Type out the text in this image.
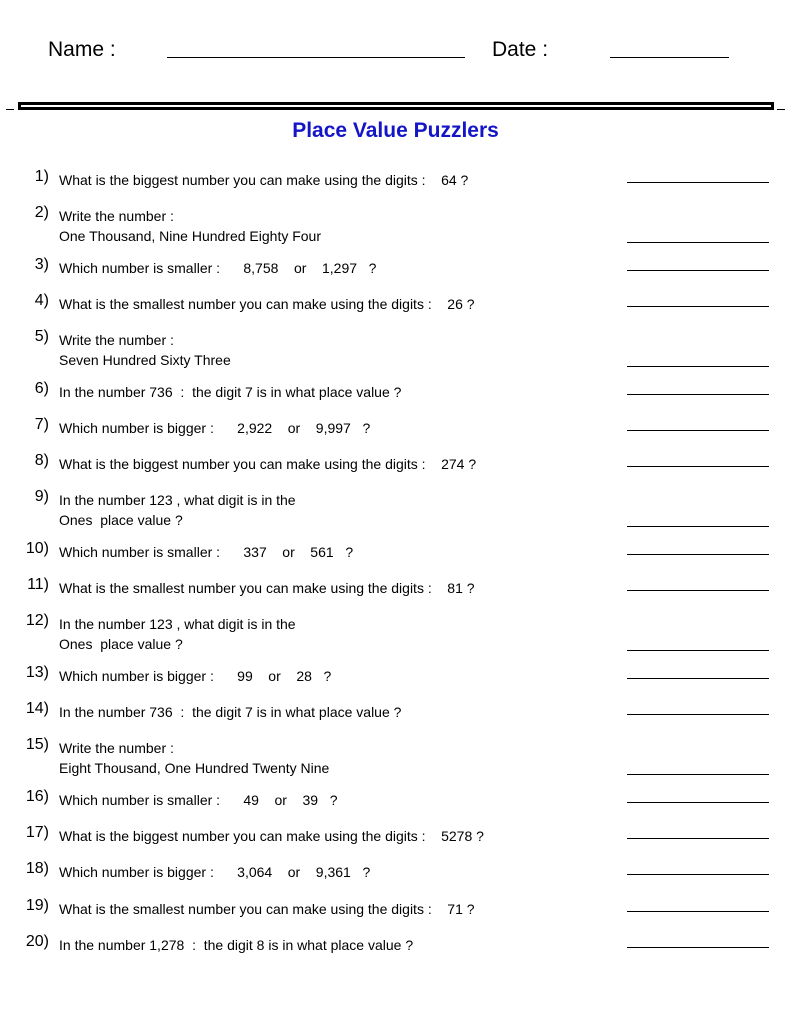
Name :	Date :
Place Value Puzzlers
1) What is the biggest number you can make using the digits :    64 ?
2) Write the number :
One Thousand, Nine Hundred Eighty Four
3) Which number is smaller :      8,758    or    1,297   ?
4) What is the smallest number you can make using the digits :    26 ?
5) Write the number :
Seven Hundred Sixty Three
6) In the number 736  :  the digit 7 is in what place value ?
7) Which number is bigger :      2,922    or    9,997   ?
8) What is the biggest number you can make using the digits :    274 ?
9) In the number 123 , what digit is in the
Ones  place value ?
10) Which number is smaller :      337    or    561   ?
11) What is the smallest number you can make using the digits :    81 ?
12) In the number 123 , what digit is in the
Ones  place value ?
13) Which number is bigger :      99    or    28   ?
14) In the number 736  :  the digit 7 is in what place value ?
15) Write the number :
Eight Thousand, One Hundred Twenty Nine
16) Which number is smaller :      49    or    39   ?
17) What is the biggest number you can make using the digits :    5278 ?
18) Which number is bigger :      3,064    or    9,361   ?
19) What is the smallest number you can make using the digits :    71 ?
20) In the number 1,278  :  the digit 8 is in what place value ?
